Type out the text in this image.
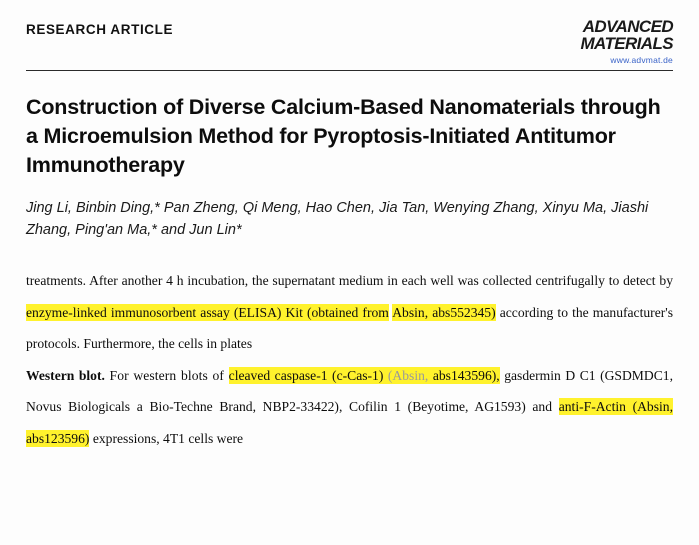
RESEARCH ARTICLE	ADVANCED
MATERIALS
www.advmat.de
Construction of Diverse Calcium-Based Nanomaterials through a Microemulsion Method for Pyroptosis-Initiated Antitumor Immunotherapy
Jing Li, Binbin Ding,* Pan Zheng, Qi Meng, Hao Chen, Jia Tan, Wenying Zhang, Xinyu Ma, Jiashi Zhang, Ping'an Ma,* and Jun Lin*

treatments. After another 4 h incubation, the supernatant medium in each well was collected centrifugally to detect by enzyme-linked immunosorbent assay (ELISA) Kit (obtained from Absin, abs552345) according to the manufacturer's protocols. Furthermore, the cells in plates

Western blot. For western blots of cleaved caspase-1 (c-Cas-1) (Absin, abs143596), gasdermin D C1 (GSDMDC1, Novus Biologicals a Bio-Techne Brand, NBP2-33422), Cofilin 1 (Beyotime, AG1593) and anti-F-Actin (Absin, abs123596) expressions, 4T1 cells were
